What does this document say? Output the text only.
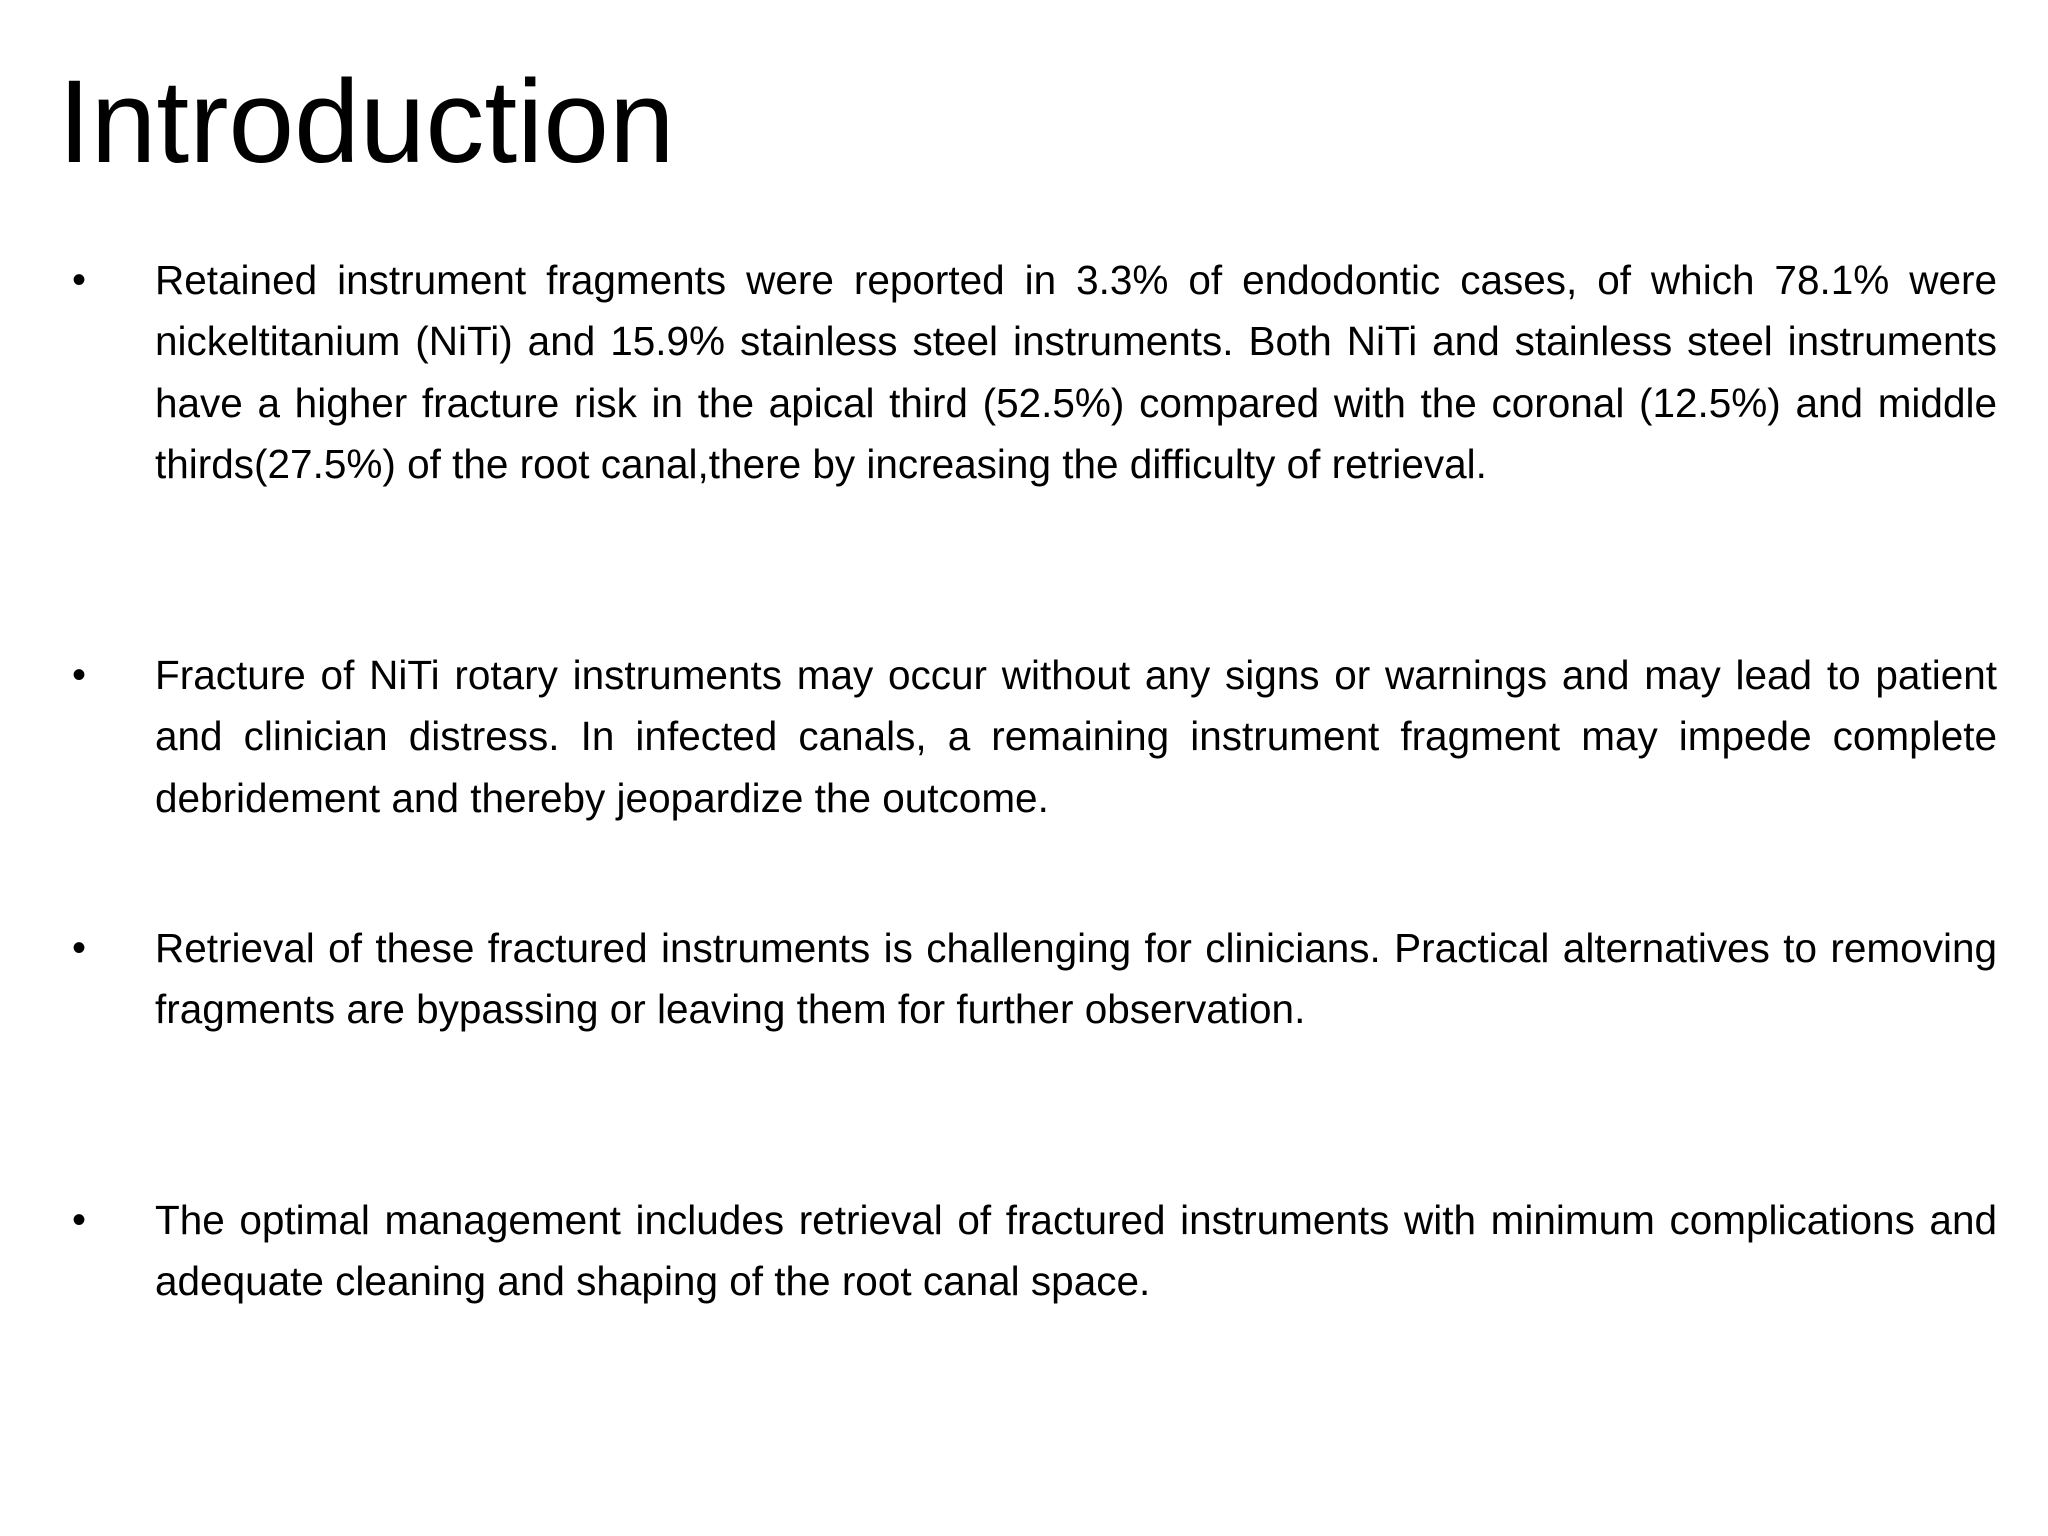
Introduction
• Retained instrument fragments were reported in 3.3% of endodontic cases, of which 78.1% were nickeltitanium (NiTi) and 15.9% stainless steel instruments. Both NiTi and stainless steel instruments have a higher fracture risk in the apical third (52.5%) compared with the coronal (12.5%) and middle thirds(27.5%) of the root canal,there by increasing the difficulty of retrieval.

• Fracture of NiTi rotary instruments may occur without any signs or warnings and may lead to patient and clinician distress. In infected canals, a remaining instrument fragment may impede complete debridement and thereby jeopardize the outcome.

• Retrieval of these fractured instruments is challenging for clinicians. Practical alternatives to removing fragments are bypassing or leaving them for further observation.

• The optimal management includes retrieval of fractured instruments with minimum complications and adequate cleaning and shaping of the root canal space.
